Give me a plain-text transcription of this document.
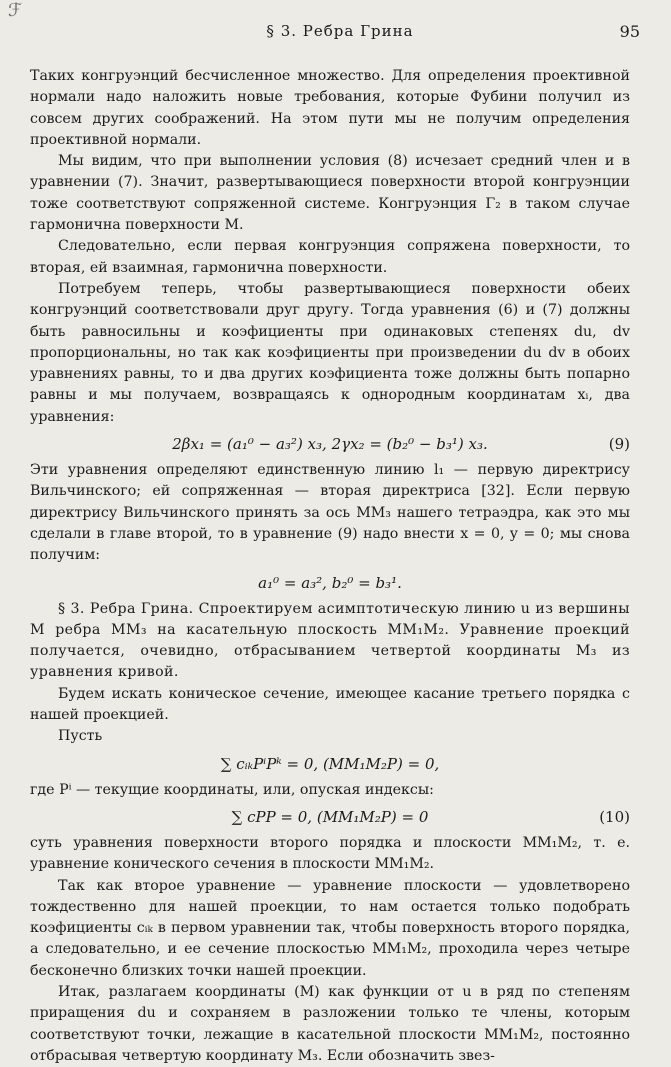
ℱ
§ 3. Ребра Грина	95

Таких конгруэнций бесчисленное множество. Для определения проективной нормали надо наложить новые требования, которые Фубини получил из совсем других соображений. На этом пути мы не получим определения проективной нормали.

Мы видим, что при выполнении условия (8) исчезает средний член и в уравнении (7). Значит, развертывающиеся поверхности второй конгруэнции тоже соответствуют сопряженной системе. Конгруэнция Γ₂ в таком случае гармонична поверхности M.

Следовательно, если первая конгруэнция сопряжена поверхности, то вторая, ей взаимная, гармонична поверхности.

Потребуем теперь, чтобы развертывающиеся поверхности обеих конгруэнций соответствовали друг другу. Тогда уравнения (6) и (7) должны быть равносильны и коэфициенты при одинаковых степенях du, dv пропорциональны, но так как коэфициенты при произведении du dv в обоих уравнениях равны, то и два других коэфициента тоже должны быть попарно равны и мы получаем, возвращаясь к однородным координатам xᵢ, два уравнения:

2βx₁ = (a₁⁰ − a₃²) x₃, 2γx₂ = (b₂⁰ − b₃¹) x₃.	(9)

Эти уравнения определяют единственную линию l₁ — первую директрису Вильчинского; ей сопряженная — вторая директриса [32]. Если первую директрису Вильчинского принять за ось MM₃ нашего тетраэдра, как это мы сделали в главе второй, то в уравнение (9) надо внести x = 0, y = 0; мы снова получим:

a₁⁰ = a₃², b₂⁰ = b₃¹.

§ 3. Ребра Грина. Спроектируем асимптотическую линию u из вершины M ребра MM₃ на касательную плоскость MM₁M₂. Уравнение проекций получается, очевидно, отбрасыванием четвертой координаты M₃ из уравнения кривой.

Будем искать коническое сечение, имеющее касание третьего порядка с нашей проекцией.

Пусть

∑ cᵢₖPⁱPᵏ = 0, (MM₁M₂P) = 0,

где Pⁱ — текущие координаты, или, опуская индексы:

∑ cPP = 0, (MM₁M₂P) = 0	(10)

суть уравнения поверхности второго порядка и плоскости MM₁M₂, т. е. уравнение конического сечения в плоскости MM₁M₂.

Так как второе уравнение — уравнение плоскости — удовлетворено тождественно для нашей проекции, то нам остается только подобрать коэфициенты cᵢₖ в первом уравнении так, чтобы поверхность второго порядка, а следовательно, и ее сечение плоскостью MM₁M₂, проходила через четыре бесконечно близких точки нашей проекции.

Итак, разлагаем координаты (M) как функции от u в ряд по степеням приращения du и сохраняем в разложении только те члены, которым соответствуют точки, лежащие в касательной плоскости MM₁M₂, постоянно отбрасывая четвертую координату M₃. Если обозначить звез-
